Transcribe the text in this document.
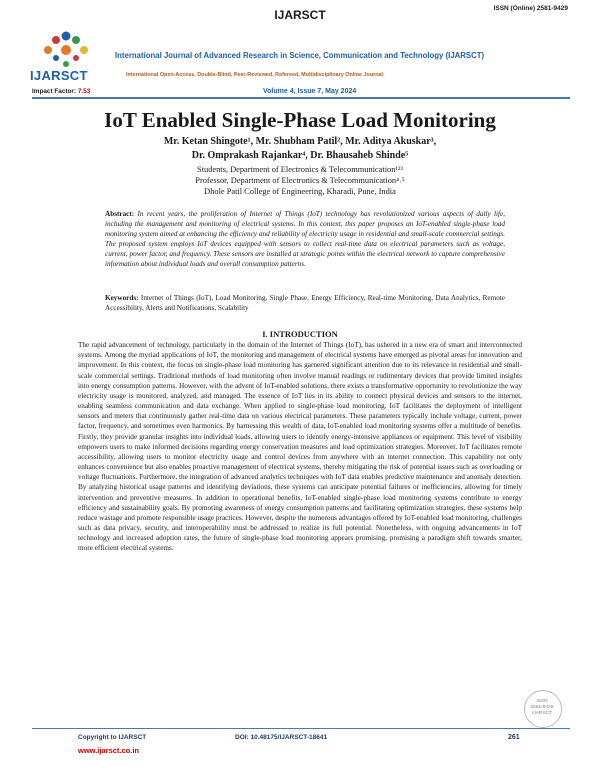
IJARSCT	ISSN (Online) 2581-9429
IJARSCT
International Journal of Advanced Research in Science, Communication and Technology (IJARSCT)
International Open-Access, Double-Blind, Peer-Reviewed, Refereed, Multidisciplinary Online Journal
Impact Factor: 7.53	Volume 4, Issue 7, May 2024
IoT Enabled Single-Phase Load Monitoring
Mr. Ketan Shingote¹, Mr. Shubham Patil², Mr. Aditya Akuskar³,
Dr. Omprakash Rajankar⁴, Dr. Bhausaheb Shinde⁵
Students, Department of Electronics & Telecommunication¹²³
Professor, Department of Electronics & Telecommunication⁴˒⁵
Dhole Patil College of Engineering, Kharadi, Pune, India
Abstract: In recent years, the proliferation of Internet of Things (IoT) technology has revolutionized various aspects of daily life, including the management and monitoring of electrical systems. In this context, this paper proposes an IoT-enabled single-phase load monitoring system aimed at enhancing the efficiency and reliability of electricity usage in residential and small-scale commercial settings. The proposed system employs IoT devices equipped with sensors to collect real-time data on electrical parameters such as voltage, current, power factor, and frequency. These sensors are installed at strategic points within the electrical network to capture comprehensive information about individual loads and overall consumption patterns.
Keywords: Internet of Things (IoT), Load Monitoring, Single Phase, Energy Efficiency, Real-time Monitoring, Data Analytics, Remote Accessibility, Alerts and Notifications, Scalability
I. INTRODUCTION
The rapid advancement of technology, particularly in the domain of the Internet of Things (IoT), has ushered in a new era of smart and interconnected systems. Among the myriad applications of IoT, the monitoring and management of electrical systems have emerged as pivotal areas for innovation and improvement. In this context, the focus on single-phase load monitoring has garnered significant attention due to its relevance in residential and small-scale commercial settings. Traditional methods of load monitoring often involve manual readings or rudimentary devices that provide limited insights into energy consumption patterns. However, with the advent of IoT-enabled solutions, there exists a transformative opportunity to revolutionize the way electricity usage is monitored, analyzed, and managed. The essence of IoT lies in its ability to connect physical devices and sensors to the internet, enabling seamless communication and data exchange. When applied to single-phase load monitoring, IoT facilitates the deployment of intelligent sensors and meters that continuously gather real-time data on various electrical parameters. These parameters typically include voltage, current, power factor, frequency, and sometimes even harmonics. By harnessing this wealth of data, IoT-enabled load monitoring systems offer a multitude of benefits. Firstly, they provide granular insights into individual loads, allowing users to identify energy-intensive appliances or equipment. This level of visibility empowers users to make informed decisions regarding energy conservation measures and load optimization strategies. Moreover, IoT facilitates remote accessibility, allowing users to monitor electricity usage and control devices from anywhere with an internet connection. This capability not only enhances convenience but also enables proactive management of electrical systems, thereby mitigating the risk of potential issues such as overloading or voltage fluctuations. Furthermore, the integration of advanced analytics techniques with IoT data enables predictive maintenance and anomaly detection. By analyzing historical usage patterns and identifying deviations, these systems can anticipate potential failures or inefficiencies, allowing for timely intervention and preventive measures. In addition to operational benefits, IoT-enabled single-phase load monitoring systems contribute to energy efficiency and sustainability goals. By promoting awareness of energy consumption patterns and facilitating optimization strategies, these systems help reduce wastage and promote responsible usage practices. However, despite the numerous advantages offered by IoT-enabled load monitoring, challenges such as data privacy, security, and interoperability must be addressed to realize its full potential. Nonetheless, with ongoing advancements in IoT technology and increased adoption rates, the future of single-phase load monitoring appears promising, promising a paradigm shift towards smarter, more efficient electrical systems.
ISSN
2581-9429
IJARSCT
Copyright to IJARSCT
www.ijarsct.co.in
DOI: 10.48175/IJARSCT-18641	261
